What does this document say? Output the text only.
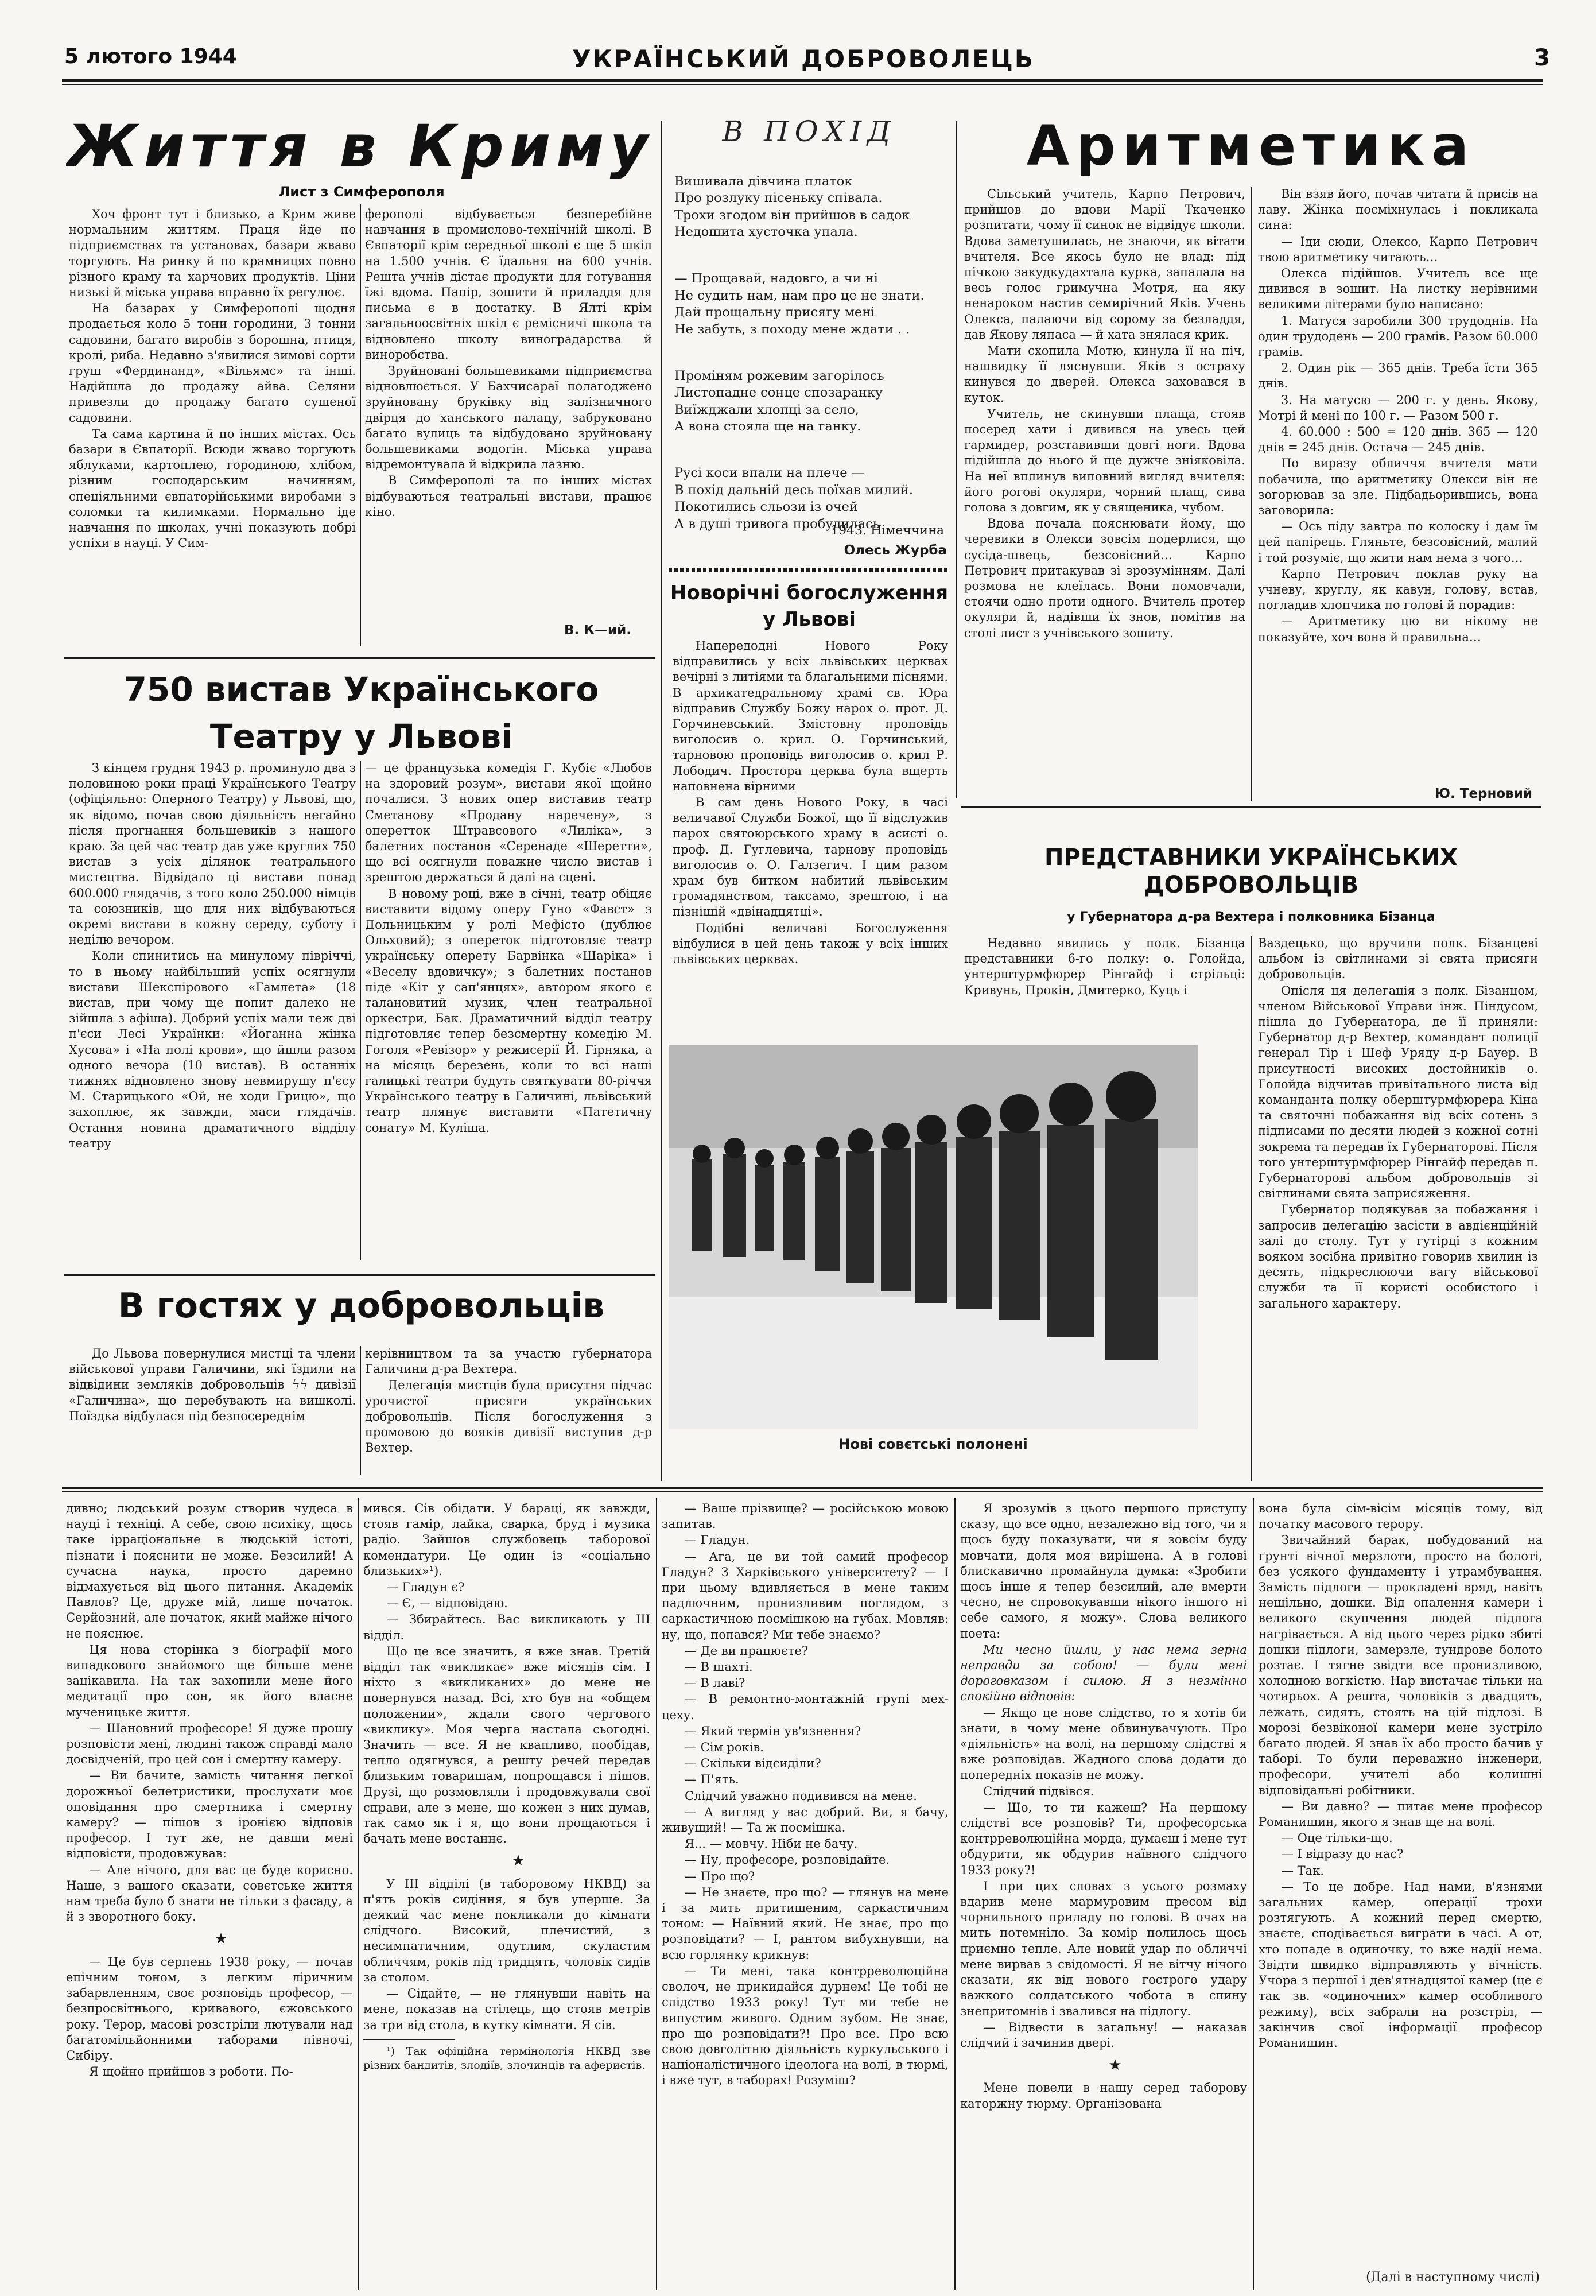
5 лютого 1944	УКРАЇНСЬКИЙ ДОБРОВОЛЕЦЬ	3
Життя в Криму
Лист з Симферополя

Хоч фронт тут і близько, а Крим живе нормальним життям. Праця йде по підприємствах та установах, базари жваво торгують. На ринку й по крамницях повно різного краму та харчових продуктів. Ціни низькі й міська управа вправно їх регулює.

На базарах у Симферополі щодня продається коло 5 тони городини, 3 тонни садовини, багато виробів з борошна, птиця, кролі, риба. Недавно з'явилися зимові сорти груш «Фердинанд», «Вільямс» та інші. Надійшла до продажу айва. Селяни привезли до продажу багато сушеної садовини.

Та сама картина й по інших містах. Ось базари в Євпаторії. Всюди жваво торгують яблуками, картоплею, городиною, хлібом, різним господарським начинням, спеціяльними євпаторійськими виробами з соломки та килимками. Нормально іде навчання по школах, учні показують добрі успіхи в науці. У Сим-

ферополі відбувається безперебійне навчання в промислово-технічній школі. В Євпаторії крім середньої школі є ще 5 шкіл на 1.500 учнів. Є їдальня на 600 учнів. Решта учнів дістає продукти для готування їжі вдома. Папір, зошити й приладдя для письма є в достатку. В Ялті крім загальноосвітніх шкіл є ремісничі школа та відновлено школу виноградарства й виноробства.

Зруйновані большевиками підприємства відновлюється. У Бахчисараї полагоджено зруйновану бруківку від залізничного двірця до ханського палацу, забруковано багато вулиць та відбудовано зруйновану большевиками водогін. Міська управа відремонтувала й відкрила лазню.

В Симферополі та по інших містах відбуваються театральні вистави, працює кіно.

В. К—ий.
750 вистав Українського Театру у Львові

З кінцем грудня 1943 р. проминуло два з половиною роки праці Українського Театру (офіціяльно: Оперного Театру) у Львові, що, як відомо, почав свою діяльність негайно після прогнання большевиків з нашого краю. За цей час театр дав уже круглих 750 вистав з усіх ділянок театрального мистецтва. Відвідало ці вистави понад 600.000 глядачів, з того коло 250.000 німців та союзників, що для них відбуваються окремі вистави в кожну середу, суботу і неділю вечором.

Коли спинитись на минулому півріччі, то в ньому найбільший успіх осягнули вистави Шекспірового «Гамлета» (18 вистав, при чому ще попит далеко не зійшла з афіша). Добрий успіх мали теж дві п'єси Лесі Українки: «Йоганна жінка Хусова» і «На полі крови», що йшли разом одного вечора (10 вистав). В останніх тижнях відновлено знову невмирущу п'єсу М. Старицького «Ой, не ходи Грицю», що захоплює, як завжди, маси глядачів. Остання новина драматичного відділу театру

— це французька комедія Г. Кубіє «Любов на здоровий розум», вистави якої щойно почалися. З нових опер виставив театр Сметанову «Продану наречену», з оперетток Штравсового «Лиліка», з балетних постанов «Серенаде «Шеретти», що всі осягнули поважне число вистав і зрештою держаться й далі на сцені.

В новому році, вже в січні, театр обіцяє виставити відому оперу Гуно «Фавст» з Дольницьким у ролі Мефісто (дублює Ольховий); з опереток підготовляє театр українську оперету Барвінка «Шаріка» і «Веселу вдовичку»; з балетних постанов піде «Кіт у сап'янцях», автором якого є талановитий музик, член театральної оркестри, Бак. Драматичний відділ театру підготовляє тепер безсмертну комедію М. Гоголя «Ревізор» у режисерії Й. Гірняка, а на місяць березень, коли то всі наші галицькі театри будуть святкувати 80-річчя Українського театру в Галичині, львівський театр плянує виставити «Патетичну сонату» М. Куліша.

В гостях у добровольців

До Львова повернулися мистці та члени військової управи Галичини, які їздили на відвідини земляків добровольців ϟϟ дивізії «Галичина», що перебувають на вишколі. Поїздка відбулася під безпосереднім

керівництвом та за участю губернатора Галичини д-ра Вехтера.

Делегація мистців була присутня підчас урочистої присяги українських добровольців. Після богослуження з промовою до вояків дивізії виступив д-р Вехтер.

В ПОХІД

Вишивала дівчина платок
Про розлуку пісеньку співала.
Трохи згодом він прийшов в садок
Недошита хусточка упала.

— Прощавай, надовго, а чи ні
Не судить нам, нам про це не знати.
Дай прощальну присягу мені
Не забуть, з походу мене ждати . .

Проміням рожевим загорілось
Листопадне сонце спозаранку
Виїжджали хлопці за село,
А вона стояла ще на ганку.

Русі коси впали на плече —
В похід дальній десь поїхав милий.
Покотились сльози із очей
А в душі тривога пробудилась

1943. Німеччина
Олесь Журба
Новорічні богослуження у Львові

Напередодні Нового Року відправились у всіх львівських церквах вечірні з литіями та благальними піснями. В архикатедральному храмі св. Юра відправив Службу Божу нарох о. прот. Д. Горчиневський. Змістовну проповідь виголосив о. крил. О. Горчинський, тарновою проповідь виголосив о. крил Р. Лободич. Простора церква була вщерть наповнена вірними

В сам день Нового Року, в часі величавої Служби Божої, що її відслужив парох святоюрського храму в асисті о. проф. Д. Гуглевича, тарнову проповідь виголосив о. О. Галзегич. І цим разом храм був битком набитий львівським громадянством, таксамо, зрештою, і на пізнішій «двінадцятці».

Подібні величаві Богослуження відбулися в цей день також у всіх інших львівських церквах.

Аритметика

Сільський учитель, Карпо Петрович, прийшов до вдови Марії Ткаченко розпитати, чому її синок не відвідує школи. Вдова заметушилась, не знаючи, як вітати вчителя. Все якось було не влад: під пічкою закудкудахтала курка, запалала на весь голос гримучна Мотря, на яку ненароком настив семирічний Яків. Учень Олекса, палаючи від сорому за безладдя, дав Якову ляпаса — й хата знялася крик.

Мати схопила Мотю, кинула її на піч, нашвидку її ляснувши. Яків з остраху кинувся до дверей. Олекса заховався в куток.

Учитель, не скинувши плаща, стояв посеред хати і дивився на увесь цей гармидер, розставивши довгі ноги. Вдова підійшла до нього й ще дужче зніяковіла. На неї вплинув виповний вигляд вчителя: його рогові окуляри, чорний плащ, сива голова з довгим, як у священика, чубом.

Вдова почала пояснювати йому, що черевики в Олекси зовсім подерлися, що сусіда-швець, безсовісний… Карпо Петрович притакував зі зрозумінням. Далі розмова не клеїлась. Вони помовчали, стоячи одно проти одного. Вчитель протер окуляри й, надівши їх знов, помітив на столі лист з учнівського зошиту.

Він взяв його, почав читати й присів на лаву. Жінка посміхнулась і покликала сина:

— Іди сюди, Олексо, Карпо Петрович твою аритметику читають…

Олекса підійшов. Учитель все ще дивився в зошит. На листку нерівними великими літерами було написано:

1. Матуся заробили 300 трудоднів. На один трудодень — 200 грамів. Разом 60.000 грамів.

2. Один рік — 365 днів. Треба їсти 365 днів.

3. На матусю — 200 г. у день. Якову, Мотрі й мені по 100 г. — Разом 500 г.

4. 60.000 : 500 = 120 днів. 365 — 120 днів = 245 днів. Остача — 245 днів.

По виразу обличчя вчителя мати побачила, що аритметику Олекси він не зогорював за зле. Підбадьорившись, вона заговорила:

— Ось піду завтра по колоску і дам їм цей папірець. Гляньте, безсовісний, малий і той розуміє, що жити нам нема з чого…

Карпо Петрович поклав руку на учневу, круглу, як кавун, голову, встав, погладив хлопчика по голові й порадив:

— Аритметику цю ви нікому не показуйте, хоч вона й правильна…

Ю. Терновий
ПРЕДСТАВНИКИ УКРАЇНСЬКИХ ДОБРОВОЛЬЦІВ
у Губернатора д-ра Вехтера і полковника Бізанца

Недавно явились у полк. Бізанца представники 6-го полку: о. Голойда, унтерштурмфюрер Рінгайф і стрільці: Кривунь, Прокін, Дмитерко, Куць і

Ваздецько, що вручили полк. Бізанцеві альбом із світлинами зі свята присяги добровольців.

Опісля ця делегація з полк. Бізанцом, членом Військової Управи інж. Піндусом, пішла до Губернатора, де її приняли: Губернатор д-р Вехтер, командант полиції генерал Тір і Шеф Уряду д-р Бауер. В присутності високих достойників о. Голойда відчитав привітального листа від команданта полку оберштурмфюрера Кіна та святочні побажання від всіх сотень з підписами по десяти людей з кожної сотні зокрема та передав їх Губернаторові. Після того унтерштурмфюрер Рінгайф передав п. Губернаторові альбом добровольців зі світлинами свята заприсяження.

Губернатор подякував за побажання і запросив делегацію засісти в авдієнційній залі до столу. Тут у гутірці з кожним вояком зосібна привітно говорив хвилин із десять, підкреслюючи вагу військової служби та її користі особистого і загального характеру.

Нові совєтські полонені

дивно; людський розум створив чудеса в науці і техніці. А себе, свою психіку, щось таке ірраціональне в людській істоті, пізнати і пояснити не може. Безсилий! А сучасна наука, просто даремно відмахується від цього питання. Академік Павлов? Це, друже мій, лише початок. Серйозний, але початок, який майже нічого не пояснює.

Ця нова сторінка з біографії мого випадкового знайомого ще більше мене зацікавила. На так захопили мене його медитації про сон, як його власне мученицьке життя.

— Шановний професоре! Я дуже прошу розповісти мені, людині також справді мало досвідченій, про цей сон і смертну камеру.

— Ви бачите, замість читання легкої дорожньої белетристики, прослухати моє оповідання про смертника і смертну камеру? — пішов з іронією відповів професор. І тут же, не давши мені відповісти, продовжував:

— Але нічого, для вас це буде корисно. Наше, з вашого сказати, совєтське життя нам треба було б знати не тільки з фасаду, а й з зворотного боку.

★

— Це був серпень 1938 року, — почав епічним тоном, з легким ліричним забарвленням, своє розповідь професор, — безпросвітнього, кривавого, єжовського року. Терор, масові розстріли лютували над багатомільйонними таборами півночі, Сибіру.

Я щойно прийшов з роботи. По-

мився. Сів обідати. У бараці, як завжди, стояв гамір, лайка, сварка, бруд і музика радіо. Зайшов службовець таборової комендатури. Це один із «соціально близьких»¹).

— Гладун є?

— Є, — відповідаю.

— Збирайтесь. Вас викликають у III відділ.

Що це все значить, я вже знав. Третій відділ так «викликає» вже місяців сім. І ніхто з «викликаних» до мене не повернувся назад. Всі, хто був на «общем положении», ждали свого чергового «виклику». Моя черга настала сьогодні. Значить — все. Я не квапливо, пообідав, тепло одягнувся, а решту речей передав близьким товаришам, попрощався і пішов. Друзі, що розмовляли і продовжували свої справи, але з мене, що кожен з них думав, так само як і я, що вони прощаються і бачать мене востаннє.

★

У III відділі (в табоpовому НКВД) за п'ять років сидіння, я був уперше. За деякий час мене покликали до кімнати слідчого. Високий, плечистий, з несимпатичним, одутлим, скуластим обличчям, років під тридцять, чоловік сидів за столом.

— Сідайте, — не глянувши навіть на мене, показав на стілець, що стояв метрів за три від стола, в кутку кімнати. Я сів.

¹) Так офіційна термінологія НКВД зве різних бандитів, злодіїв, злочинців та аферистів.

— Ваше прізвище? — російською мовою запитав.

— Гладун.

— Ага, це ви той самий професор Гладун? З Харківського університету? — І при цьому вдивляється в мене таким падлючним, пронизливим поглядом, з саркастичною посмішкою на губах. Мовляв: ну, що, попався? Ми тебе знаємо?

— Де ви працюєте?

— В шахті.

— В лаві?

— В ремонтно-монтажній групі мех-цеху.

— Який термін ув'язнення?

— Сім років.

— Скільки відсиділи?

— П'ять.

Слідчий уважно подивився на мене.

— А вигляд у вас добрий. Ви, я бачу, живущий! — Та ж посмішка.

Я... — мовчу. Ніби не бачу.

— Ну, професоре, розповідайте.

— Про що?

— Не знаєте, про що? — глянув на мене і за мить притишеним, саркастичним тоном: — Наївний який. Не знає, про що розповідати? — І, рантом вибухнувши, на всю горлянку крикнув:

— Ти мені, така контрреволюційна сволоч, не прикидайся дурнем! Це тобі не слідство 1933 року! Тут ми тебе не випустим живого. Одним зубом. Не знає, про що розповідати?! Про все. Про всю свою довголітню діяльність куркульського і націоналістичного ідеолога на волі, в тюрмі, і вже тут, в таборах! Розуміш?

Я зрозумів з цього першого приступу сказу, що все одно, незалежно від того, чи я щось буду показувати, чи я зовсім буду мовчати, доля моя вирішена. А в голові блискавично промайнула думка: «Зробити щось інше я тепер безсилий, але вмерти чесно, не спровокувавши нікого іншого ні себе самого, я можу». Слова великого поета:

Ми чесно йшли, у нас нема зерна неправди за собою! — були мені дороговказом і силою. Я з незмінно спокійно відповів:

— Якщо це нове слідство, то я хотів би знати, в чому мене обвинувачують. Про «діяльність» на волі, на першому слідстві я вже розповідав. Жадного слова додати до попередніх показів не можу.

Слідчий підвівся.

— Що, то ти кажеш? На першому слідстві все розповів? Ти, професорська контрреволюційна морда, думаєш і мене тут обдурити, як обдурив наївного слідчого 1933 року?!

І при цих словах з усього розмаху вдарив мене мармуровим пресом від чорнильного приладу по голові. В очах на мить потемніло. За комір полилось щось приємно тепле. Але новий удар по обличчі мене вирвав з свідомості. Я не вітчу нічого сказати, як від нового гострого удару важкого солдатського чобота в спину знепритомнів і звалився на підлогу.

— Відвести в загальну! — наказав слідчий і зачинив двері.

★

Мене повели в нашу серед табоpову каторжну тюрму. Організована

вона була сім-вісім місяців тому, від початку масового терору.

Звичайний барак, побудований на ґрунті вічної мерзлоти, просто на болоті, без усякого фундаменту і утрамбування. Замість підлоги — прокладені вряд, навіть нещільно, дошки. Від опалення камери і великого скупчення людей підлога нагрівається. А від цього через рідко збиті дошки підлоги, замерзле, тундрове болото розтає. І тягне звідти все пронизливою, холодною вогкістю. Нар вистачає тільки на чотирьох. А решта, чоловіків з двадцять, лежать, сидять, стоять на цій підлозі. В морозі безвіконої камери мене зустріло багато людей. Я знав їх або просто бачив у таборі. То були переважно інженери, професори, учителі або колишні відповідальні робітники.

— Ви давно? — питає мене професор Романишин, якого я знав ще на волі.

— Оце тільки-що.

— І відразу до нас?

— Так.

— То це добре. Над нами, в'язнями загальних камер, операції трохи розтягують. А кожний перед смертю, знаєте, сподівається виграти в часі. А от, хто попаде в одиночку, то вже надії нема. Звідти швидко відправляють у вічність. Учора з першої і дев'ятнадцятої камер (це є так зв. «одиночних» камер особливого режиму), всіх забрали на розстріл, — закінчив свої інформації професор Романишин.

(Далі в наступному числі)
